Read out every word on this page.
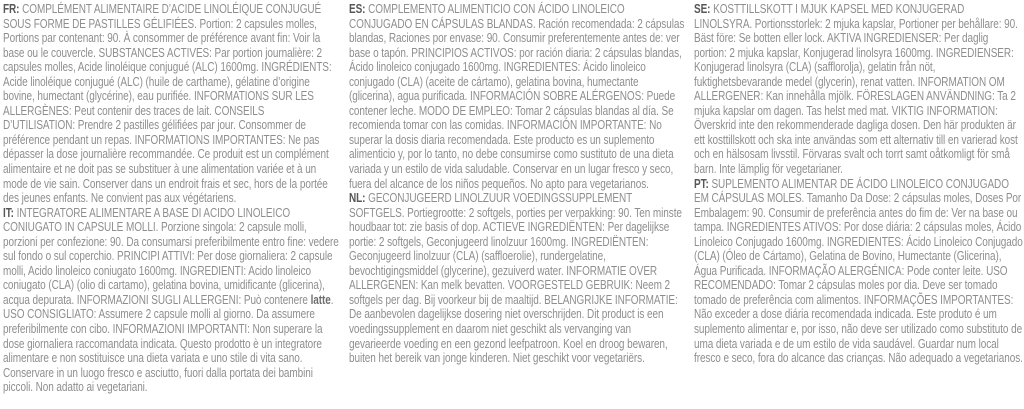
FR: COMPLÉMENT ALIMENTAIRE D’ACIDE LINOLÉIQUE CONJUGUÉ SOUS FORME DE PASTILLES GÉLIFIÉES. Portion: 2 capsules molles, Portions par contenant: 90. À consommer de préférence avant fin: Voir la base ou le couvercle. SUBSTANCES ACTIVES: Par portion journalière: 2 capsules molles, Acide linoléique conjugué (ALC) 1600mg. INGRÉDIENTS: Acide linoléique conjugué (ALC) (huile de carthame), gélatine d’origine bovine, humectant (glycérine), eau purifiée. INFORMATIONS SUR LES ALLERGÈNES: Peut contenir des traces de lait. CONSEILS D’UTILISATION: Prendre 2 pastilles gélifiées par jour. Consommer de préférence pendant un repas. INFORMATIONS IMPORTANTES: Ne pas dépasser la dose journalière recommandée. Ce produit est un complément alimentaire et ne doit pas se substituer à une alimentation variée et à un mode de vie sain. Conserver dans un endroit frais et sec, hors de la portée des jeunes enfants. Ne convient pas aux végétariens.

IT: INTEGRATORE ALIMENTARE A BASE DI ACIDO LINOLEICO CONIUGATO IN CAPSULE MOLLI. Porzione singola: 2 capsule molli, porzioni per confezione: 90. Da consumarsi preferibilmente entro fine: vedere sul fondo o sul coperchio. PRINCIPI ATTIVI: Per dose giornaliera: 2 capsule molli, Acido linoleico coniugato 1600mg. INGREDIENTI: Acido linoleico coniugato (CLA) (olio di cartamo), gelatina bovina, umidificante (glicerina), acqua depurata. INFORMAZIONI SUGLI ALLERGENI: Può contenere latte. USO CONSIGLIATO: Assumere 2 capsule molli al giorno. Da assumere preferibilmente con cibo. INFORMAZIONI IMPORTANTI: Non superare la dose giornaliera raccomandata indicata. Questo prodotto è un integratore alimentare e non sostituisce una dieta variata e uno stile di vita sano. Conservare in un luogo fresco e asciutto, fuori dalla portata dei bambini piccoli. Non adatto ai vegetariani.

ES: COMPLEMENTO ALIMENTICIO CON ÁCIDO LINOLEICO CONJUGADO EN CÁPSULAS BLANDAS. Ración recomendada: 2 cápsulas blandas, Raciones por envase: 90. Consumir preferentemente antes de: ver base o tapón. PRINCIPIOS ACTIVOS: por ración diaria: 2 cápsulas blandas, Ácido linoleico conjugado 1600mg. INGREDIENTES: Ácido linoleico conjugado (CLA) (aceite de cártamo), gelatina bovina, humectante (glicerina), agua purificada. INFORMACIÓN SOBRE ALÉRGENOS: Puede contener leche. MODO DE EMPLEO: Tomar 2 cápsulas blandas al día. Se recomienda tomar con las comidas. INFORMACIÓN IMPORTANTE: No superar la dosis diaria recomendada. Este producto es un suplemento alimenticio y, por lo tanto, no debe consumirse como sustituto de una dieta variada y un estilo de vida saludable. Conservar en un lugar fresco y seco, fuera del alcance de los niños pequeños. No apto para vegetarianos.

NL: GECONJUGEERD LINOLZUUR VOEDINGSSUPPLEMENT SOFTGELS. Portiegrootte: 2 softgels, porties per verpakking: 90. Ten minste houdbaar tot: zie basis of dop. ACTIEVE INGREDIËNTEN: Per dagelijkse portie: 2 softgels, Geconjugeerd linolzuur 1600mg. INGREDIËNTEN: Geconjugeerd linolzuur (CLA) (saffloerolie), rundergelatine, bevochtigingsmiddel (glycerine), gezuiverd water. INFORMATIE OVER ALLERGENEN: Kan melk bevatten. VOORGESTELD GEBRUIK: Neem 2 softgels per dag. Bij voorkeur bij de maaltijd. BELANGRIJKE INFORMATIE: De aanbevolen dagelijkse dosering niet overschrijden. Dit product is een voedingssupplement en daarom niet geschikt als vervanging van gevarieerde voeding en een gezond leefpatroon. Koel en droog bewaren, buiten het bereik van jonge kinderen. Niet geschikt voor vegetariërs.

SE: KOSTTILLSKOTT I MJUK KAPSEL MED KONJUGERAD LINOLSYRA. Portionsstorlek: 2 mjuka kapslar, Portioner per behållare: 90. Bäst före: Se botten eller lock. AKTIVA INGREDIENSER: Per daglig portion: 2 mjuka kapslar, Konjugerad linolsyra 1600mg. INGREDIENSER: Konjugerad linolsyra (CLA) (safflorolja), gelatin från nöt, fuktighetsbevarande medel (glycerin), renat vatten. INFORMATION OM ALLERGENER: Kan innehålla mjölk. FÖRESLAGEN ANVÄNDNING: Ta 2 mjuka kapslar om dagen. Tas helst med mat. VIKTIG INFORMATION: Överskrid inte den rekommenderade dagliga dosen. Den här produkten är ett kosttillskott och ska inte användas som ett alternativ till en varierad kost och en hälsosam livsstil. Förvaras svalt och torrt samt oåtkomligt för små barn. Inte lämplig för vegetarianer.

PT: SUPLEMENTO ALIMENTAR DE ÁCIDO LINOLEICO CONJUGADO EM CÁPSULAS MOLES. Tamanho Da Dose: 2 cápsulas moles, Doses Por Embalagem: 90. Consumir de preferência antes do fim de: Ver na base ou tampa. INGREDIENTES ATIVOS: Por dose diária: 2 cápsulas moles, Ácido Linoleico Conjugado 1600mg. INGREDIENTES: Ácido Linoleico Conjugado (CLA) (Óleo de Cártamo), Gelatina de Bovino, Humectante (Glicerina), Água Purificada. INFORMAÇÃO ALERGÉNICA: Pode conter leite. USO RECOMENDADO: Tomar 2 cápsulas moles por dia. Deve ser tomado tomado de preferência com alimentos. INFORMAÇÕES IMPORTANTES: Não exceder a dose diária recomendada indicada. Este produto é um suplemento alimentar e, por isso, não deve ser utilizado como substituto de uma dieta variada e de um estilo de vida saudável. Guardar num local fresco e seco, fora do alcance das crianças. Não adequado a vegetarianos.
